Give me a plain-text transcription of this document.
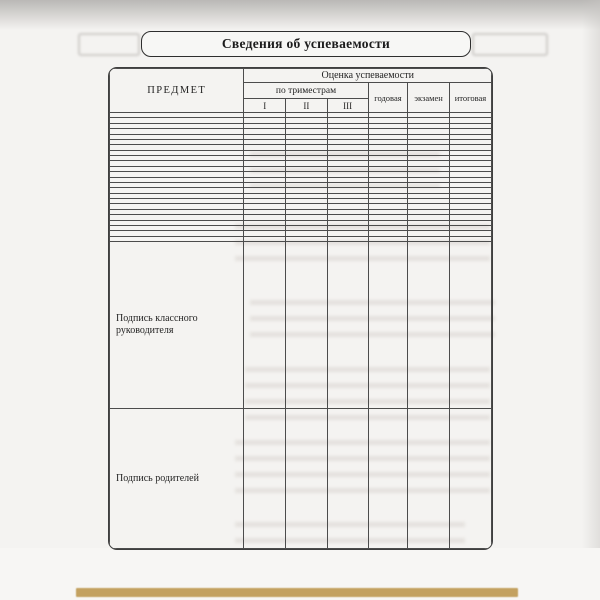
Сведения об успеваемости
ПРЕДМЕТ	Оценка успеваемости					
	по триместрам			годовая	экзамен	итоговая
	I	II	III			

Подпись классного руководителя						
Подпись родителей						
